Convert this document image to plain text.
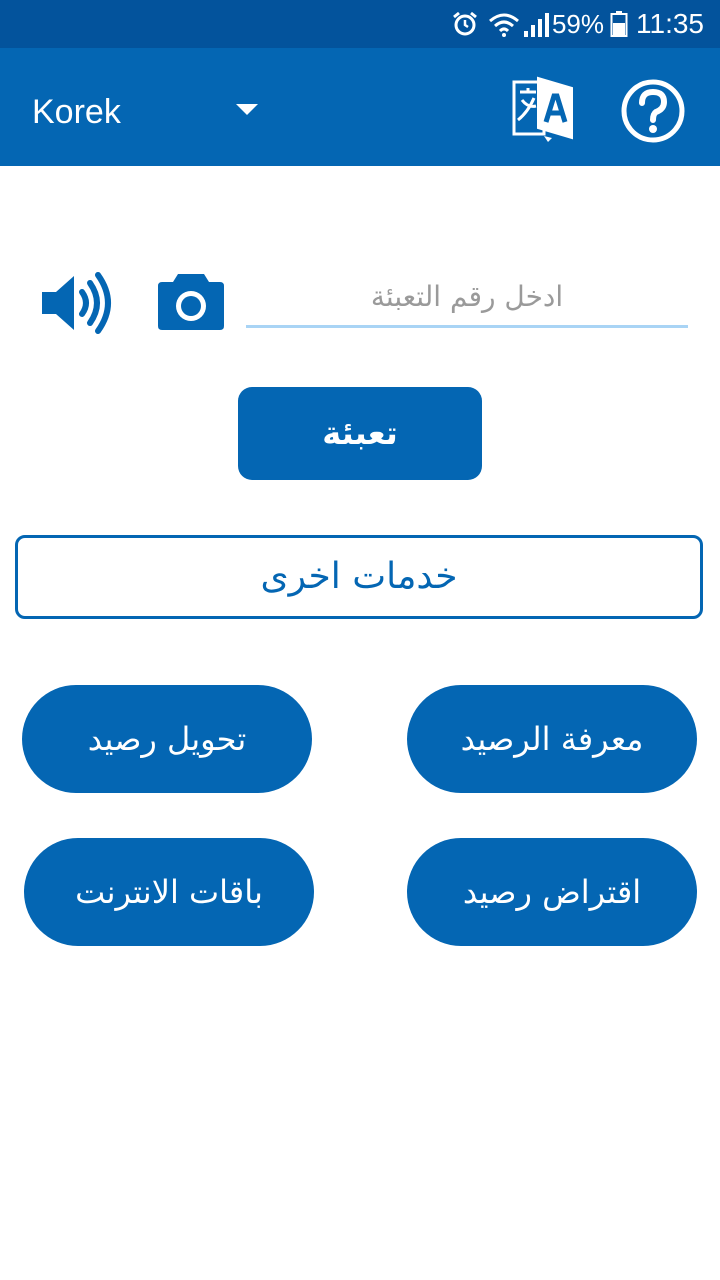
59% 11:35
Korek
ادخل رقم التعبئة
تعبئة
خدمات اخرى
معرفة الرصيد
تحويل رصيد
اقتراض رصيد
باقات الانترنت
